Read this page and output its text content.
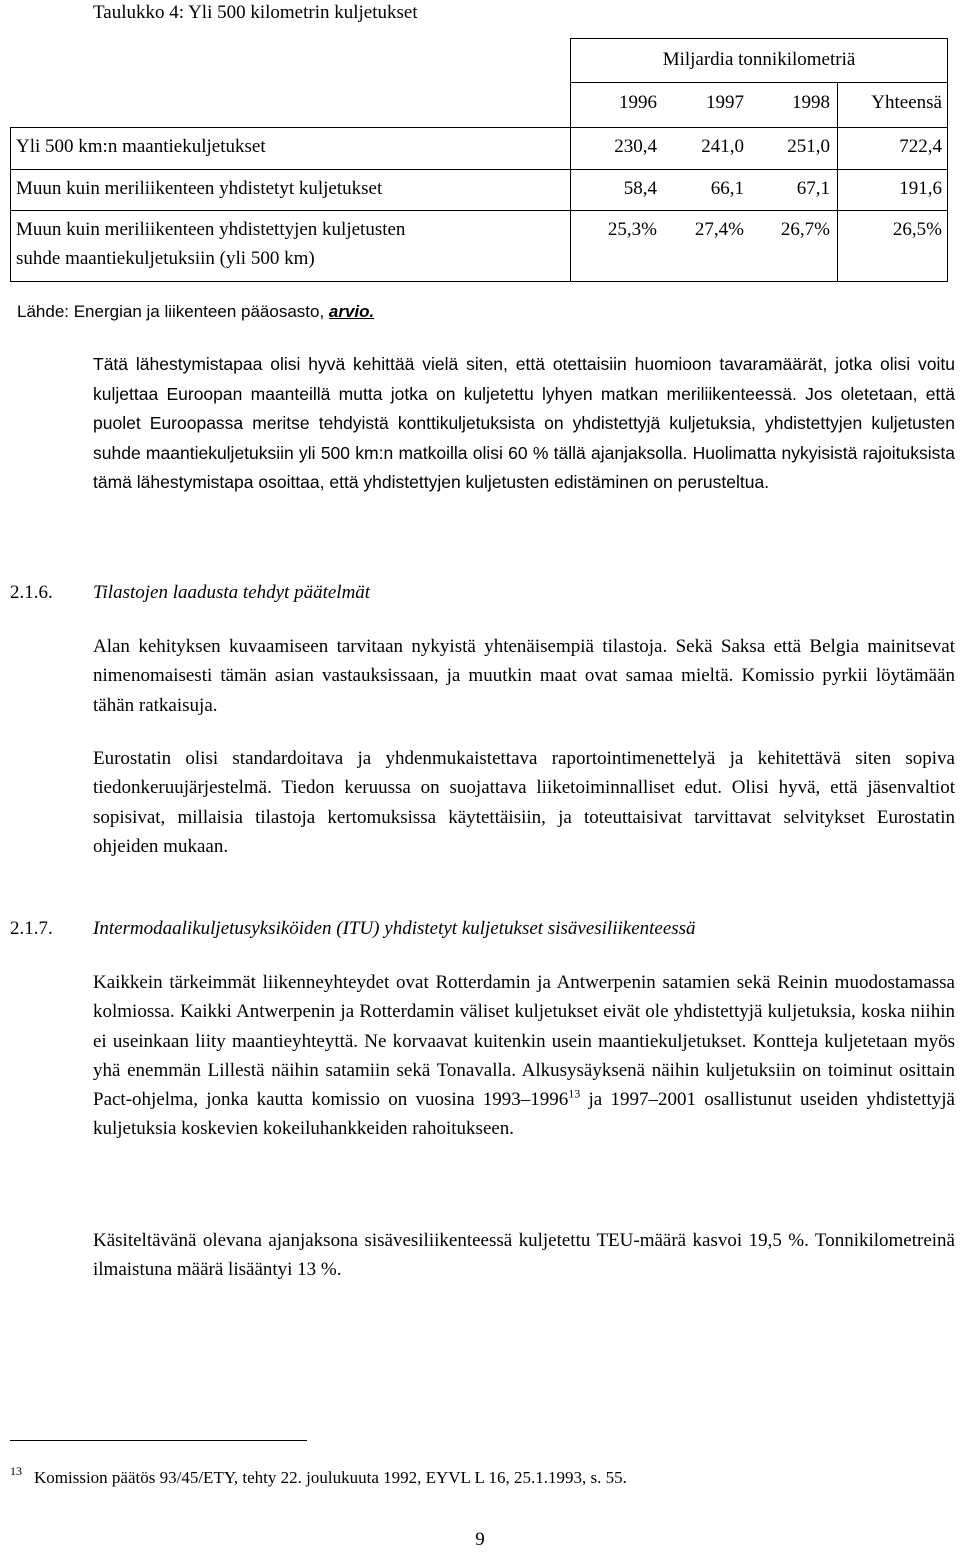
Taulukko 4: Yli 500 kilometrin kuljetukset
Miljardia tonnikilometriä
1996	1997	1998	Yhteensä
Yli 500 km:n maantiekuljetukset	230,4	241,0	251,0	722,4
Muun kuin meriliikenteen yhdistetyt kuljetukset	58,4	66,1	67,1	191,6
Muun kuin meriliikenteen yhdistettyjen kuljetusten
suhde maantiekuljetuksiin (yli 500 km)
25,3%	27,4%	26,7%	26,5%
Lähde: Energian ja liikenteen pääosasto, arvio.

Tätä lähestymistapaa olisi hyvä kehittää vielä siten, että otettaisiin huomioon tavaramäärät, jotka olisi voitu kuljettaa Euroopan maanteillä mutta jotka on kuljetettu lyhyen matkan meriliikenteessä. Jos oletetaan, että puolet Euroopassa meritse tehdyistä konttikuljetuksista on yhdistettyjä kuljetuksia, yhdistettyjen kuljetusten suhde maantiekuljetuksiin yli 500 km:n matkoilla olisi 60 % tällä ajanjaksolla. Huolimatta nykyisistä rajoituksista tämä lähestymistapa osoittaa, että yhdistettyjen kuljetusten edistäminen on perusteltua.

2.1.6. Tilastojen laadusta tehdyt päätelmät

Alan kehityksen kuvaamiseen tarvitaan nykyistä yhtenäisempiä tilastoja. Sekä Saksa että Belgia mainitsevat nimenomaisesti tämän asian vastauksissaan, ja muutkin maat ovat samaa mieltä. Komissio pyrkii löytämään tähän ratkaisuja.

Eurostatin olisi standardoitava ja yhdenmukaistettava raportointimenettelyä ja kehitettävä siten sopiva tiedonkeruujärjestelmä. Tiedon keruussa on suojattava liiketoiminnalliset edut. Olisi hyvä, että jäsenvaltiot sopisivat, millaisia tilastoja kertomuksissa käytettäisiin, ja toteuttaisivat tarvittavat selvitykset Eurostatin ohjeiden mukaan.

2.1.7. Intermodaalikuljetusyksiköiden (ITU) yhdistetyt kuljetukset sisävesiliikenteessä

Kaikkein tärkeimmät liikenneyhteydet ovat Rotterdamin ja Antwerpenin satamien sekä Reinin muodostamassa kolmiossa. Kaikki Antwerpenin ja Rotterdamin väliset kuljetukset eivät ole yhdistettyjä kuljetuksia, koska niihin ei useinkaan liity maantieyhteyttä. Ne korvaavat kuitenkin usein maantiekuljetukset. Kontteja kuljetetaan myös yhä enemmän Lillestä näihin satamiin sekä Tonavalla. Alkusysäyksenä näihin kuljetuksiin on toiminut osittain Pact-ohjelma, jonka kautta komissio on vuosina 1993–1996$^{13}$ ja 1997–2001 osallistunut useiden yhdistettyjä kuljetuksia koskevien kokeiluhankkeiden rahoitukseen.

Käsiteltävänä olevana ajanjaksona sisävesiliikenteessä kuljetettu TEU-määrä kasvoi 19,5 %. Tonnikilometreinä ilmaistuna määrä lisääntyi 13 %.

13 Komission päätös 93/45/ETY, tehty 22. joulukuuta 1992, EYVL L 16, 25.1.1993, s. 55.
9
